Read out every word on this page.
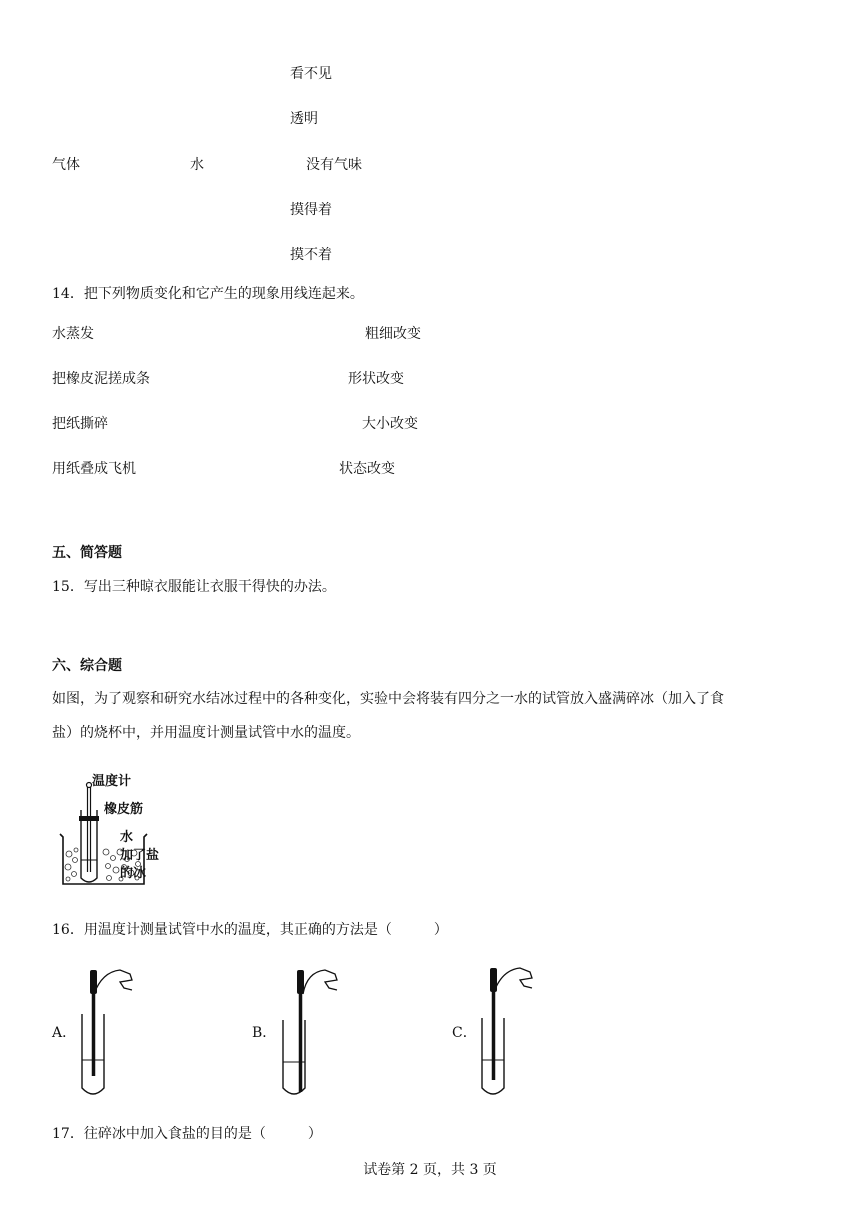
看不见
透明
气体	水	没有气味
摸得着
摸不着
14．把下列物质变化和它产生的现象用线连起来。
水蒸发	粗细改变
把橡皮泥搓成条	形状改变
把纸撕碎	大小改变
用纸叠成飞机	状态改变
五、简答题
15．写出三种晾衣服能让衣服干得快的办法。
六、综合题
如图，为了观察和研究水结冰过程中的各种变化，实验中会将装有四分之一水的试管放入盛满碎冰（加入了食
盐）的烧杯中，并用温度计测量试管中水的温度。
温度计
橡皮筋
水
加了盐
的冰
16．用温度计测量试管中水的温度，其正确的方法是（　　　）
A．	B．	C．
17．往碎冰中加入食盐的目的是（　　　）
试卷第 2 页，共 3 页
